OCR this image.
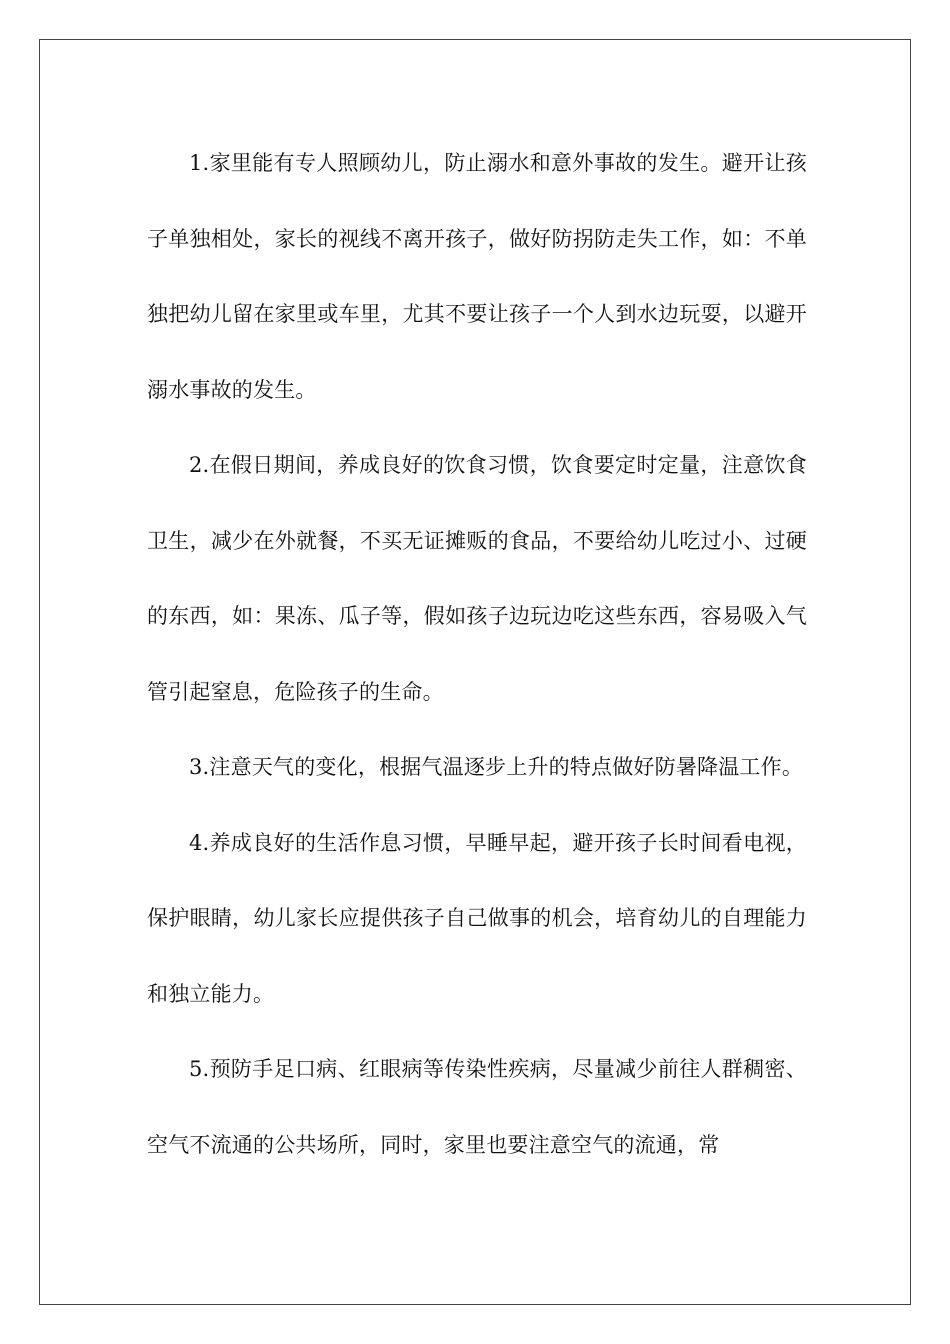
1.家里能有专人照顾幼儿，防止溺水和意外事故的发生。避开让孩子单独相处，家长的视线不离开孩子，做好防拐防走失工作，如：不单独把幼儿留在家里或车里，尤其不要让孩子一个人到水边玩耍，以避开溺水事故的发生。

2.在假日期间，养成良好的饮食习惯，饮食要定时定量，注意饮食卫生，减少在外就餐，不买无证摊贩的食品，不要给幼儿吃过小、过硬的东西，如：果冻、瓜子等，假如孩子边玩边吃这些东西，容易吸入气管引起窒息，危险孩子的生命。

3.注意天气的变化，根据气温逐步上升的特点做好防暑降温工作。

4.养成良好的生活作息习惯，早睡早起，避开孩子长时间看电视，保护眼睛，幼儿家长应提供孩子自己做事的机会，培育幼儿的自理能力和独立能力。

5.预防手足口病、红眼病等传染性疾病，尽量减少前往人群稠密、空气不流通的公共场所，同时，家里也要注意空气的流通，常
